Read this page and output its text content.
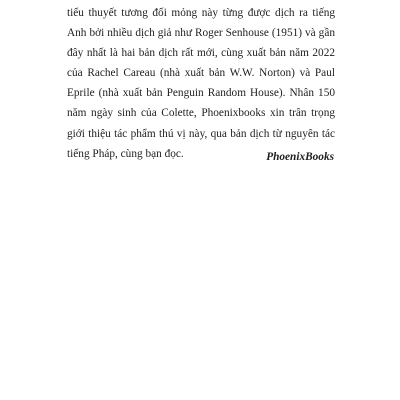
tiểu thuyết tương đối mỏng này từng được dịch ra tiếng
Anh bởi nhiều dịch giả như Roger Senhouse (1951) và gần
đây nhất là hai bản dịch rất mới, cùng xuất bản năm 2022
của Rachel Careau (nhà xuất bản W.W. Norton) và Paul
Eprile (nhà xuất bản Penguin Random House). Nhân 150
năm ngày sinh của Colette, Phoenixbooks xin trân trọng
giới thiệu tác phẩm thú vị này, qua bản dịch từ nguyên tác
tiếng Pháp, cùng bạn đọc.	PhoenixBooks
